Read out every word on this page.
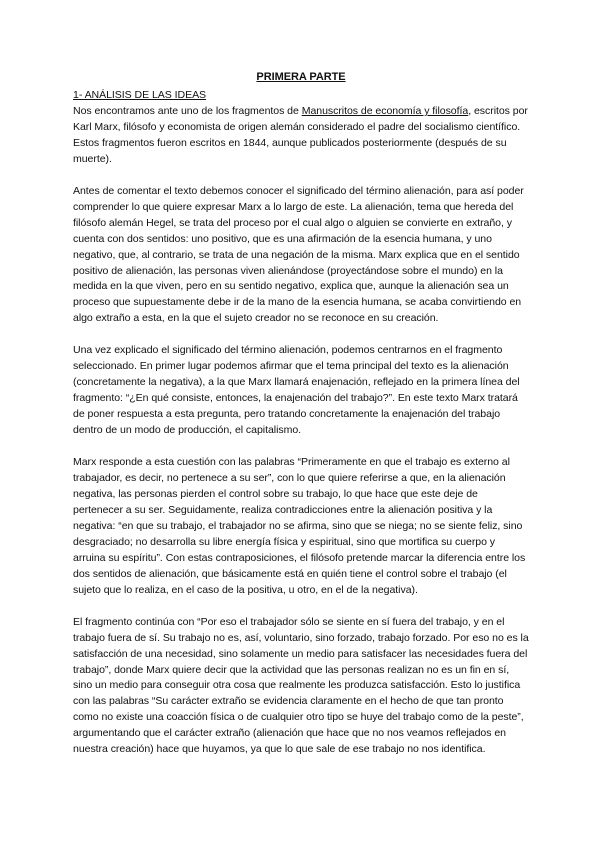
PRIMERA PARTE
1- ANÁLISIS DE LAS IDEAS

Nos encontramos ante uno de los fragmentos de Manuscritos de economía y filosofía, escritos por Karl Marx, filósofo y economista de origen alemán considerado el padre del socialismo científico. Estos fragmentos fueron escritos en 1844, aunque publicados posteriormente (después de su muerte).

Antes de comentar el texto debemos conocer el significado del término alienación, para así poder comprender lo que quiere expresar Marx a lo largo de este. La alienación, tema que hereda del filósofo alemán Hegel, se trata del proceso por el cual algo o alguien se convierte en extraño, y cuenta con dos sentidos: uno positivo, que es una afirmación de la esencia humana, y uno negativo, que, al contrario, se trata de una negación de la misma. Marx explica que en el sentido positivo de alienación, las personas viven alienándose (proyectándose sobre el mundo) en la medida en la que viven, pero en su sentido negativo, explica que, aunque la alienación sea un proceso que supuestamente debe ir de la mano de la esencia humana, se acaba convirtiendo en algo extraño a esta, en la que el sujeto creador no se reconoce en su creación.

Una vez explicado el significado del término alienación, podemos centrarnos en el fragmento seleccionado. En primer lugar podemos afirmar que el tema principal del texto es la alienación (concretamente la negativa), a la que Marx llamará enajenación, reflejado en la primera línea del fragmento: “¿En qué consiste, entonces, la enajenación del trabajo?”. En este texto Marx tratará de poner respuesta a esta pregunta, pero tratando concretamente la enajenación del trabajo dentro de un modo de producción, el capitalismo.

Marx responde a esta cuestión con las palabras “Primeramente en que el trabajo es externo al trabajador, es decir, no pertenece a su ser”, con lo que quiere referirse a que, en la alienación negativa, las personas pierden el control sobre su trabajo, lo que hace que este deje de pertenecer a su ser. Seguidamente, realiza contradicciones entre la alienación positiva y la negativa: “en que su trabajo, el trabajador no se afirma, sino que se niega; no se siente feliz, sino desgraciado; no desarrolla su libre energía física y espiritual, sino que mortifica su cuerpo y arruina su espíritu”. Con estas contraposiciones, el filósofo pretende marcar la diferencia entre los dos sentidos de alienación, que básicamente está en quién tiene el control sobre el trabajo (el sujeto que lo realiza, en el caso de la positiva, u otro, en el de la negativa).

El fragmento continúa con “Por eso el trabajador sólo se siente en sí fuera del trabajo, y en el trabajo fuera de sí. Su trabajo no es, así, voluntario, sino forzado, trabajo forzado. Por eso no es la satisfacción de una necesidad, sino solamente un medio para satisfacer las necesidades fuera del trabajo”, donde Marx quiere decir que la actividad que las personas realizan no es un fin en sí, sino un medio para conseguir otra cosa que realmente les produzca satisfacción. Esto lo justifica con las palabras “Su carácter extraño se evidencia claramente en el hecho de que tan pronto como no existe una coacción física o de cualquier otro tipo se huye del trabajo como de la peste”, argumentando que el carácter extraño (alienación que hace que no nos veamos reflejados en nuestra creación) hace que huyamos, ya que lo que sale de ese trabajo no nos identifica.
